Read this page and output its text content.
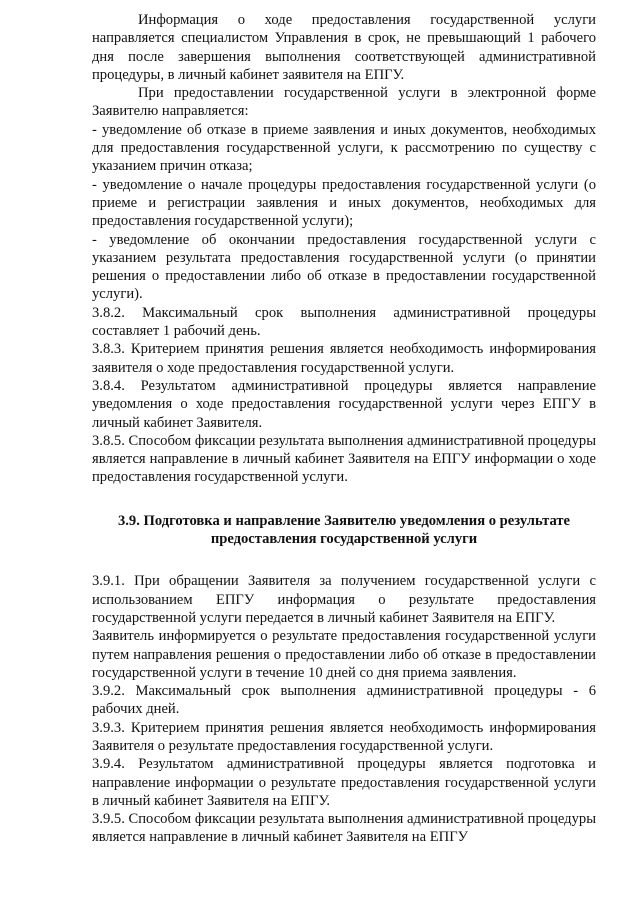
Информация о ходе предоставления государственной услуги направляется специалистом Управления в срок, не превышающий 1 рабочего дня после завершения выполнения соответствующей административной процедуры, в личный кабинет заявителя на ЕПГУ.

При предоставлении государственной услуги в электронной форме Заявителю направляется:

- уведомление об отказе в приеме заявления и иных документов, необходимых для предоставления государственной услуги, к рассмотрению по существу с указанием причин отказа;

- уведомление о начале процедуры предоставления государственной услуги (о приеме и регистрации заявления и иных документов, необходимых для предоставления государственной услуги);

- уведомление об окончании предоставления государственной услуги с указанием результата предоставления государственной услуги (о принятии решения о предоставлении либо об отказе в предоставлении государственной услуги).

3.8.2. Максимальный срок выполнения административной процедуры составляет 1 рабочий день.

3.8.3. Критерием принятия решения является необходимость информирования заявителя о ходе предоставления государственной услуги.

3.8.4. Результатом административной процедуры является направление уведомления о ходе предоставления государственной услуги через ЕПГУ в личный кабинет Заявителя.

3.8.5. Способом фиксации результата выполнения административной процедуры является направление в личный кабинет Заявителя на ЕПГУ информации о ходе предоставления государственной услуги.

3.9. Подготовка и направление Заявителю уведомления о результате предоставления государственной услуги

3.9.1. При обращении Заявителя за получением государственной услуги с использованием ЕПГУ информация о результате предоставления государственной услуги передается в личный кабинет Заявителя на ЕПГУ.

Заявитель информируется о результате предоставления государственной услуги путем направления решения о предоставлении либо об отказе в предоставлении государственной услуги в течение 10 дней со дня приема заявления.

3.9.2. Максимальный срок выполнения административной процедуры - 6 рабочих дней.

3.9.3. Критерием принятия решения является необходимость информирования Заявителя о результате предоставления государственной услуги.

3.9.4. Результатом административной процедуры является подготовка и направление информации о результате предоставления государственной услуги в личный кабинет Заявителя на ЕПГУ.

3.9.5. Способом фиксации результата выполнения административной процедуры является направление в личный кабинет Заявителя на ЕПГУ
